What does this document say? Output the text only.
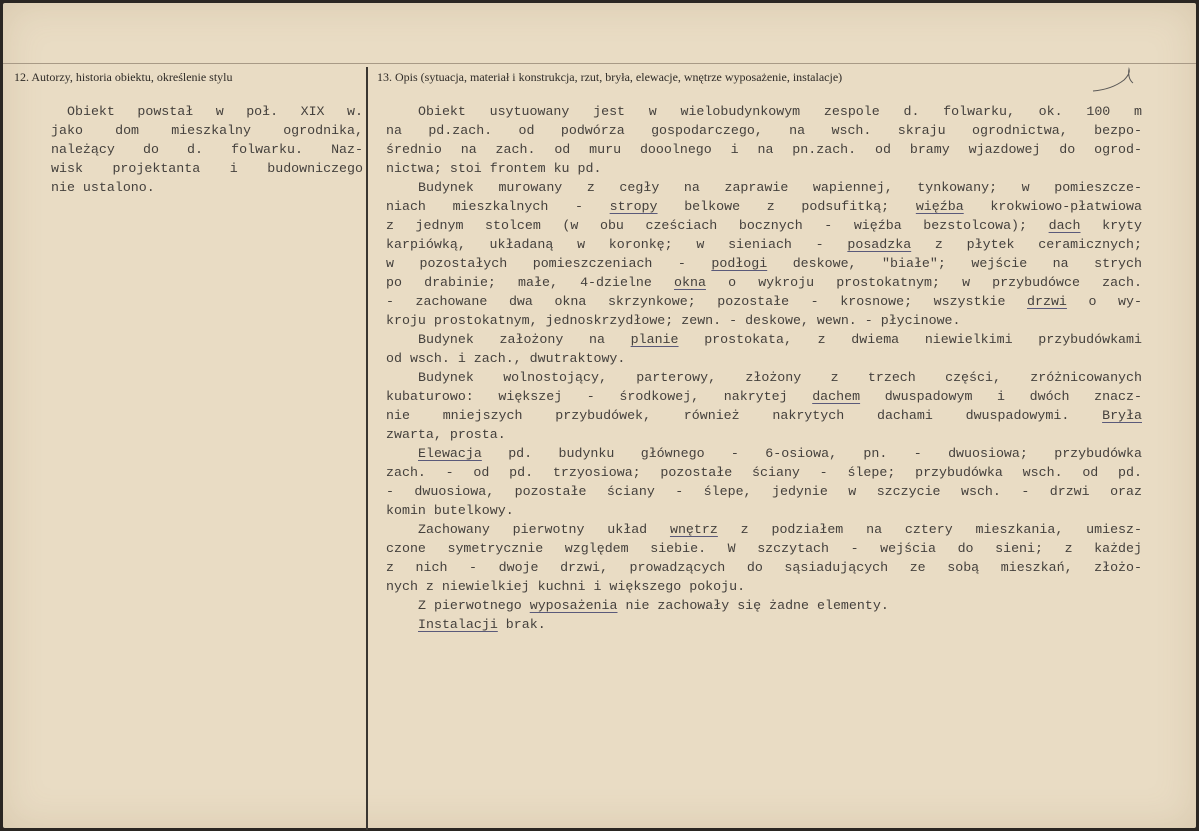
12. Autorzy, historia obiektu, określenie stylu	13. Opis (sytuacja, materiał i konstrukcja, rzut, bryła, elewacje, wnętrze wyposażenie, instalacje)
Obiekt powstał w poł. XIX w.
jako dom mieszkalny ogrodnika,
należący do d. folwarku. Naz-
wisk projektanta i budowniczego
nie ustalono.
Obiekt usytuowany jest w wielobudynkowym zespole d. folwarku, ok. 100 m
na pd.zach. od podwórza gospodarczego, na wsch. skraju ogrodnictwa, bezpo-
średnio na zach. od muru dooolnego i na pn.zach. od bramy wjazdowej do ogrod-
nictwa; stoi frontem ku pd.
Budynek murowany z cegły na zaprawie wapiennej, tynkowany; w pomieszcze-
niach mieszkalnych - stropy belkowe z podsufitką; więźba krokwiowo-płatwiowa
z jednym stolcem (w obu cześciach bocznych - więźba bezstolcowa); dach kryty
karpiówką, układaną w koronkę; w sieniach - posadzka z płytek ceramicznych;
w pozostałych pomieszczeniach - podłogi deskowe, "białe"; wejście na strych
po drabinie; małe, 4-dzielne okna o wykroju prostokatnym; w przybudówce zach.
- zachowane dwa okna skrzynkowe; pozostałe - krosnowe; wszystkie drzwi o wy-
kroju prostokatnym, jednoskrzydłowe; zewn. - deskowe, wewn. - płycinowe.
Budynek założony na planie prostokata, z dwiema niewielkimi przybudówkami
od wsch. i zach., dwutraktowy.
Budynek wolnostojący, parterowy, złożony z trzech części, zróżnicowanych
kubaturowo: większej - środkowej, nakrytej dachem dwuspadowym i dwóch znacz-
nie mniejszych przybudówek, również nakrytych dachami dwuspadowymi. Bryła
zwarta, prosta.
Elewacja pd. budynku głównego - 6-osiowa, pn. - dwuosiowa; przybudówka
zach. - od pd. trzyosiowa; pozostałe ściany - ślepe; przybudówka wsch. od pd.
- dwuosiowa, pozostałe ściany - ślepe, jedynie w szczycie wsch. - drzwi oraz
komin butelkowy.
Zachowany pierwotny układ wnętrz z podziałem na cztery mieszkania, umiesz-
czone symetrycznie względem siebie. W szczytach - wejścia do sieni; z każdej
z nich - dwoje drzwi, prowadzących do sąsiadujących ze sobą mieszkań, złożo-
nych z niewielkiej kuchni i większego pokoju.
Z pierwotnego wyposażenia nie zachowały się żadne elementy.
Instalacji brak.
